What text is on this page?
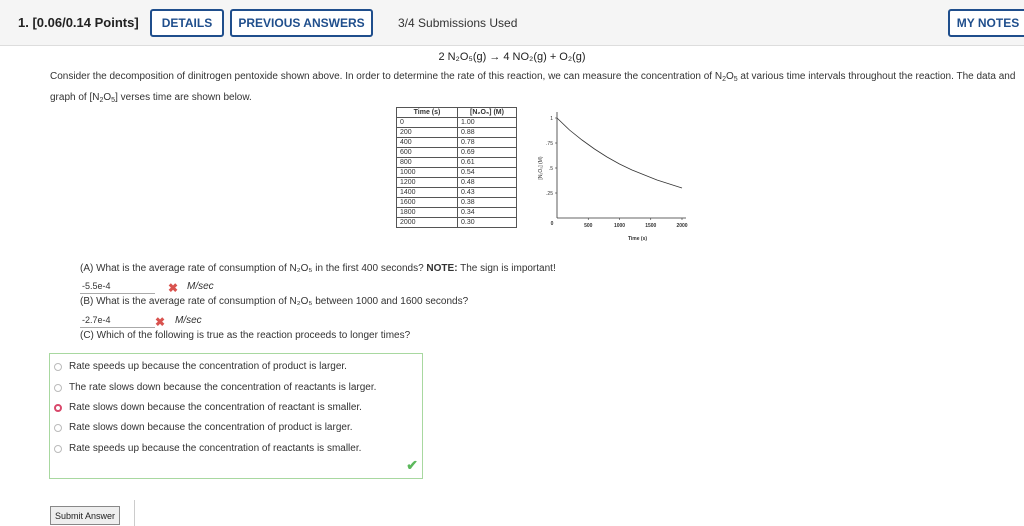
1. [0.06/0.14 Points]	DETAILS	PREVIOUS ANSWERS	3/4 Submissions Used	MY NOTES
2 N₂O₅(g) → 4 NO₂(g) + O₂(g)
Consider the decomposition of dinitrogen pentoxide shown above. In order to determine the rate of this reaction, we can measure the concentration of $N_2O_5$ at various time intervals throughout the reaction. The data and graph of $[N_2O_5]$ verses time are shown below.
Time (s)	[N₂O₅] (M)
0	1.00
200	0.88
400	0.78
600	0.69
800	0.61
1000	0.54
1200	0.48
1400	0.43
1600	0.38
1800	0.34
2000	0.30
1
.75
.5
.25
500	1000	1500	2000
0
Time (s)
[N₂O₅] (M)
(A) What is the average rate of consumption of N₂O₅ in the first 400 seconds? NOTE: The sign is important!
-5.5e-4	✖ M/sec
(B) What is the average rate of consumption of N₂O₅ between 1000 and 1600 seconds?
-2.7e-4	✖ M/sec
(C) Which of the following is true as the reaction proceeds to longer times?
Rate speeds up because the concentration of product is larger.
The rate slows down because the concentration of reactants is larger.
Rate slows down because the concentration of reactant is smaller.
Rate slows down because the concentration of product is larger.
Rate speeds up because the concentration of reactants is smaller.
✔
Submit Answer
